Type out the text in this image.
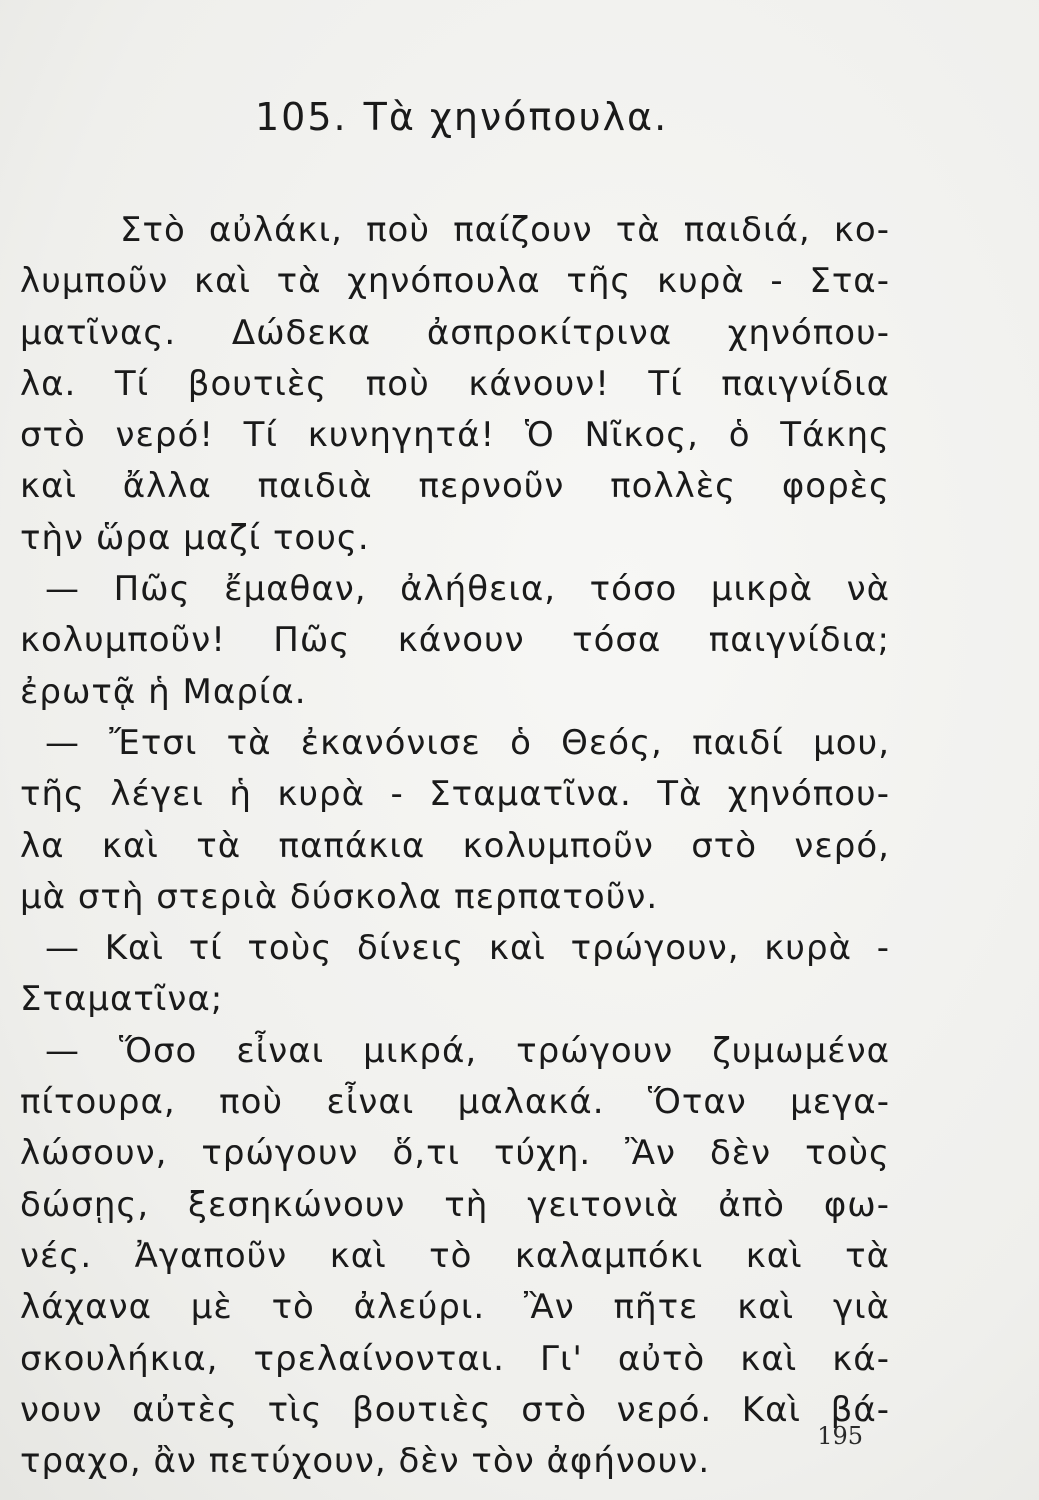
105. Τὰ χηνόπουλα.
Στὸ αὐλάκι, ποὺ παίζουν τὰ παιδιά, κο-
λυμποῦν καὶ τὰ χηνόπουλα τῆς κυρὰ - Στα-
ματῖνας. Δώδεκα ἀσπροκίτρινα χηνόπου-
λα. Τί βουτιὲς ποὺ κάνουν! Τί παιγνίδια
στὸ νερό! Τί κυνηγητά! Ὁ Νῖκος, ὁ Τάκης
καὶ ἄλλα παιδιὰ περνοῦν πολλὲς φορὲς
τὴν ὥρα μαζί τους.
— Πῶς ἔμαθαν, ἀλήθεια, τόσο μικρὰ νὰ
κολυμποῦν! Πῶς κάνουν τόσα παιγνίδια;
ἐρωτᾷ ἡ Μαρία.
— Ἔτσι τὰ ἐκανόνισε ὁ Θεός, παιδί μου,
τῆς λέγει ἡ κυρὰ - Σταματῖνα. Τὰ χηνόπου-
λα καὶ τὰ παπάκια κολυμποῦν στὸ νερό,
μὰ στὴ στεριὰ δύσκολα περπατοῦν.
— Καὶ τί τοὺς δίνεις καὶ τρώγουν, κυρὰ -
Σταματῖνα;
— Ὅσο εἶναι μικρά, τρώγουν ζυμωμένα
πίτουρα, ποὺ εἶναι μαλακά. Ὅταν μεγα-
λώσουν, τρώγουν ὅ,τι τύχη. Ἂν δὲν τοὺς
δώσῃς, ξεσηκώνουν τὴ γειτονιὰ ἀπὸ φω-
νές. Ἀγαποῦν καὶ τὸ καλαμπόκι καὶ τὰ
λάχανα μὲ τὸ ἀλεύρι. Ἂν πῆτε καὶ γιὰ
σκουλήκια, τρελαίνονται. Γι' αὐτὸ καὶ κά-
νουν αὐτὲς τὶς βουτιὲς στὸ νερό. Καὶ βά-
τραχο, ἂν πετύχουν, δὲν τὸν ἀφήνουν.
195
